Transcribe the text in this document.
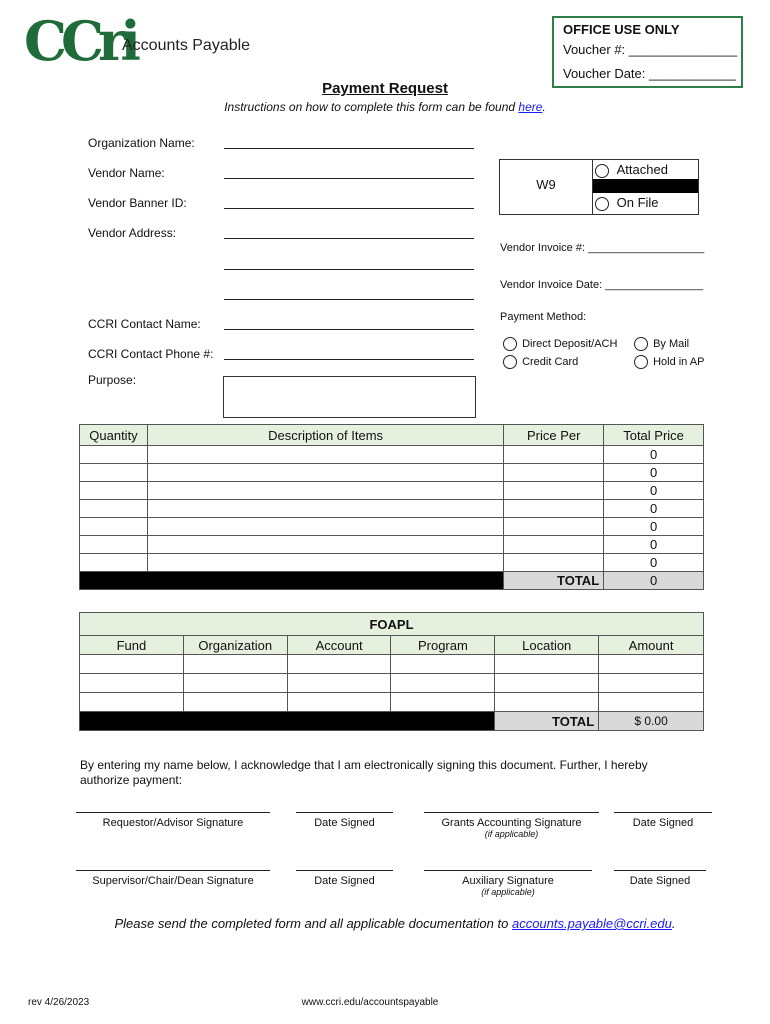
CCri
Accounts Payable
OFFICE USE ONLY
Voucher #: _______________
Voucher Date: ____________
Payment Request
Instructions on how to complete this form can be found here.
Organization Name:
Vendor Name:
Vendor Banner ID:
Vendor Address:
CCRI Contact Name:
CCRI Contact Phone #:
Purpose:
W9
Attached
On File
Vendor Invoice #: ___________________
Vendor Invoice Date: ________________
Payment Method:
Direct Deposit/ACH	By Mail
Credit Card	Hold in AP
Quantity	Description of Items	Price Per	Total Price
			0
			0
			0
			0
			0
			0
			0
		TOTAL	0
FOAPL					
Fund	Organization	Account	Program	Location	Amount

				TOTAL	$ 0.00
By entering my name below, I acknowledge that I am electronically signing this document. Further, I hereby authorize payment:
Requestor/Advisor Signature	Date Signed	Grants Accounting Signature
(if applicable)
Date Signed
Supervisor/Chair/Dean Signature	Date Signed	Auxiliary Signature
(if applicable)
Date Signed
Please send the completed form and all applicable documentation to accounts.payable@ccri.edu.
rev 4/26/2023	www.ccri.edu/accountspayable
